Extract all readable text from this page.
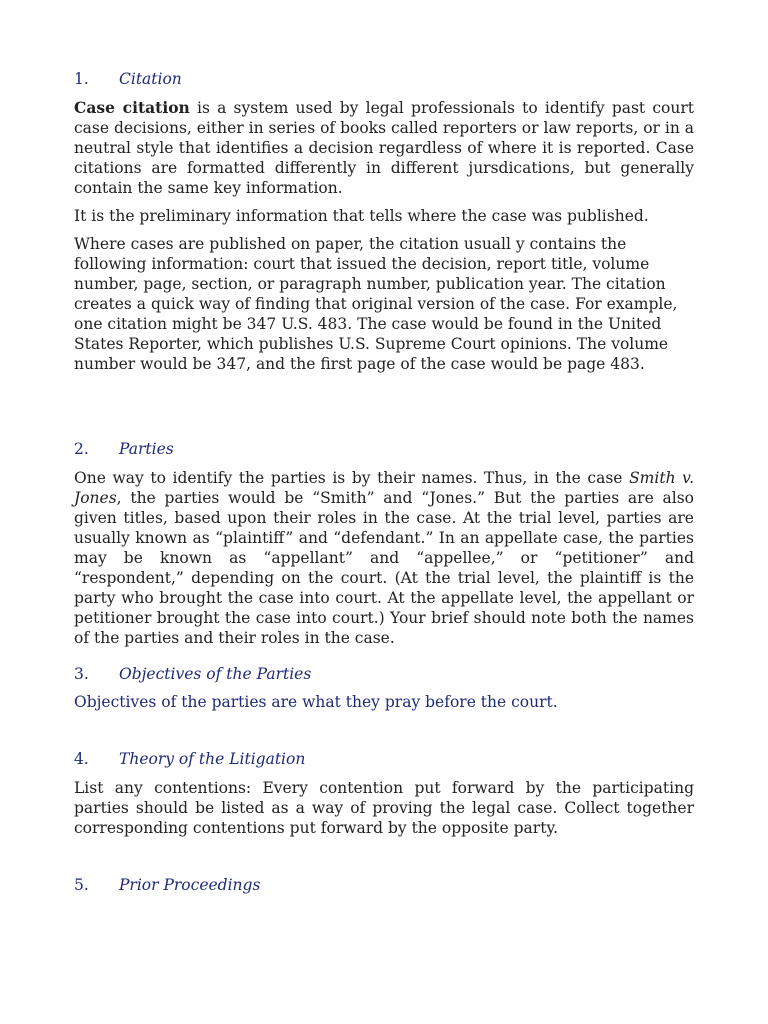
1. Citation

Case citation is a system used by legal professionals to identify past court case decisions, either in series of books called reporters or law reports, or in a neutral style that identifies a decision regardless of where it is reported. Case citations are formatted differently in different jursdications, but generally contain the same key information.

It is the preliminary information that tells where the case was published.

Where cases are published on paper, the citation usuall y contains the following information: court that issued the decision, report title, volume number, page, section, or paragraph number, publication year. The citation creates a quick way of finding that original version of the case. For example, one citation might be 347 U.S. 483. The case would be found in the United States Reporter, which publishes U.S. Supreme Court opinions. The volume number would be 347, and the first page of the case would be page 483.

2. Parties

One way to identify the parties is by their names. Thus, in the case Smith v. Jones, the parties would be “Smith” and “Jones.” But the parties are also given titles, based upon their roles in the case. At the trial level, parties are usually known as “plaintiff” and “defendant.” In an appellate case, the parties may be known as “appellant” and “appellee,” or “petitioner” and “respondent,” depending on the court. (At the trial level, the plaintiff is the party who brought the case into court. At the appellate level, the appellant or petitioner brought the case into court.) Your brief should note both the names of the parties and their roles in the case.

3. Objectives of the Parties

Objectives of the parties are what they pray before the court.

4. Theory of the Litigation

List any contentions: Every contention put forward by the participating parties should be listed as a way of proving the legal case. Collect together corresponding contentions put forward by the opposite party.

5. Prior Proceedings
